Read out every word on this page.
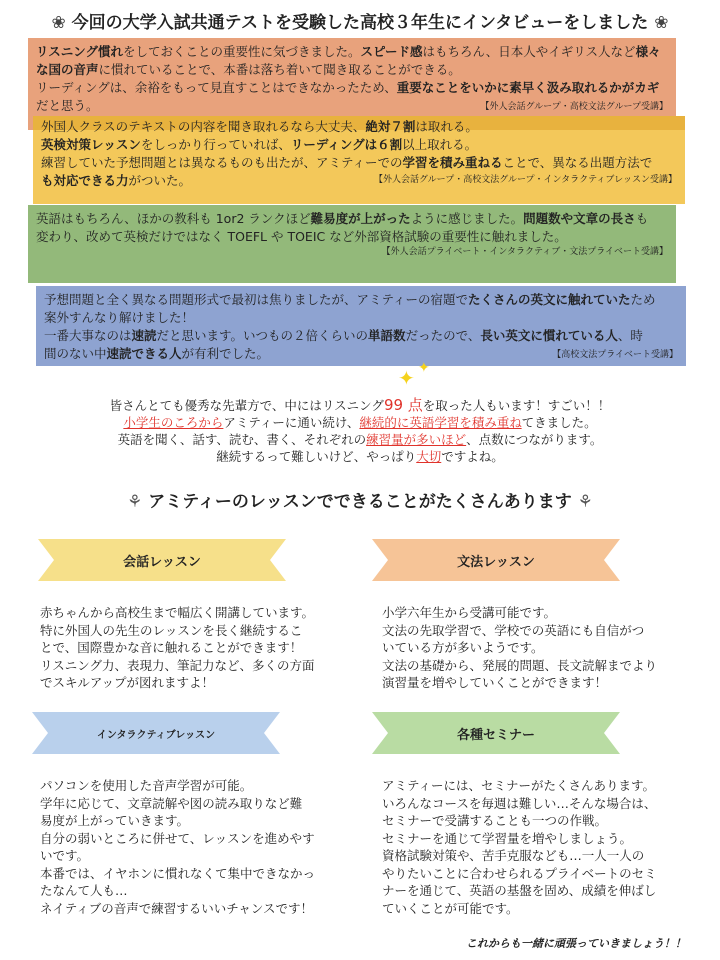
❀ 今回の大学入試共通テストを受験した高校３年生にインタビューをしました ❀
リスニング慣れをしておくことの重要性に気づきました。スピード感はもちろん、日本人やイギリス人など様々
な国の音声に慣れていることで、本番は落ち着いて聞き取ることができる。
リーディングは、余裕をもって見直すことはできなかったため、重要なことをいかに素早く汲み取れるかがカギ
だと思う。	【外人会話グループ・高校文法グループ受講】
外国人クラスのテキストの内容を聞き取れるなら大丈夫、絶対７割は取れる。
英検対策レッスンをしっかり行っていれば、リーディングは６割以上取れる。
練習していた予想問題とは異なるものも出たが、アミティーでの学習を積み重ねることで、異なる出題方法で
も対応できる力がついた。	【外人会話グループ・高校文法グループ・インタラクティブレッスン受講】
英語はもちろん、ほかの教科も 1or2 ランクほど難易度が上がったように感じました。問題数や文章の長さも
変わり、改めて英検だけではなく TOEFL や TOEIC など外部資格試験の重要性に触れました。
【外人会話プライベート・インタラクティブ・文法プライベート受講】
予想問題と全く異なる問題形式で最初は焦りましたが、アミティーの宿題でたくさんの英文に触れていたため
案外すんなり解けました！
一番大事なのは速読だと思います。いつもの２倍くらいの単語数だったので、長い英文に慣れている人、時
間のない中速読できる人が有利でした。	【高校文法プライベート受講】
✦ ✦
皆さんとても優秀な先輩方で、中にはリスニング99 点を取った人もいます！すごい！！
小学生のころからアミティーに通い続け、継続的に英語学習を積み重ねてきました。
英語を聞く、話す、読む、書く、それぞれの練習量が多いほど、点数につながります。
継続するって難しいけど、やっぱり大切ですよね。
⚘ アミティーのレッスンでできることがたくさんあります ⚘
会話レッスン	文法レッスン
インタラクティブレッスン	各種セミナー
赤ちゃんから高校生まで幅広く開講しています。
特に外国人の先生のレッスンを長く継続するこ
とで、国際豊かな音に触れることができます！
リスニング力、表現力、筆記力など、多くの方面
でスキルアップが図れますよ！
小学六年生から受講可能です。
文法の先取学習で、学校での英語にも自信がつ
いている方が多いようです。
文法の基礎から、発展的問題、長文読解までより
演習量を増やしていくことができます！
パソコンを使用した音声学習が可能。
学年に応じて、文章読解や図の読み取りなど難
易度が上がっていきます。
自分の弱いところに併せて、レッスンを進めやす
いです。
本番では、イヤホンに慣れなくて集中できなかっ
たなんて人も…
ネイティブの音声で練習するいいチャンスです！
アミティーには、セミナーがたくさんあります。
いろんなコースを毎週は難しい…そんな場合は、
セミナーで受講することも一つの作戦。
セミナーを通じて学習量を増やしましょう。
資格試験対策や、苦手克服なども…一人一人の
やりたいことに合わせられるプライベートのセミ
ナーを通じて、英語の基盤を固め、成績を伸ばし
ていくことが可能です。
これからも一緒に頑張っていきましょう！！
